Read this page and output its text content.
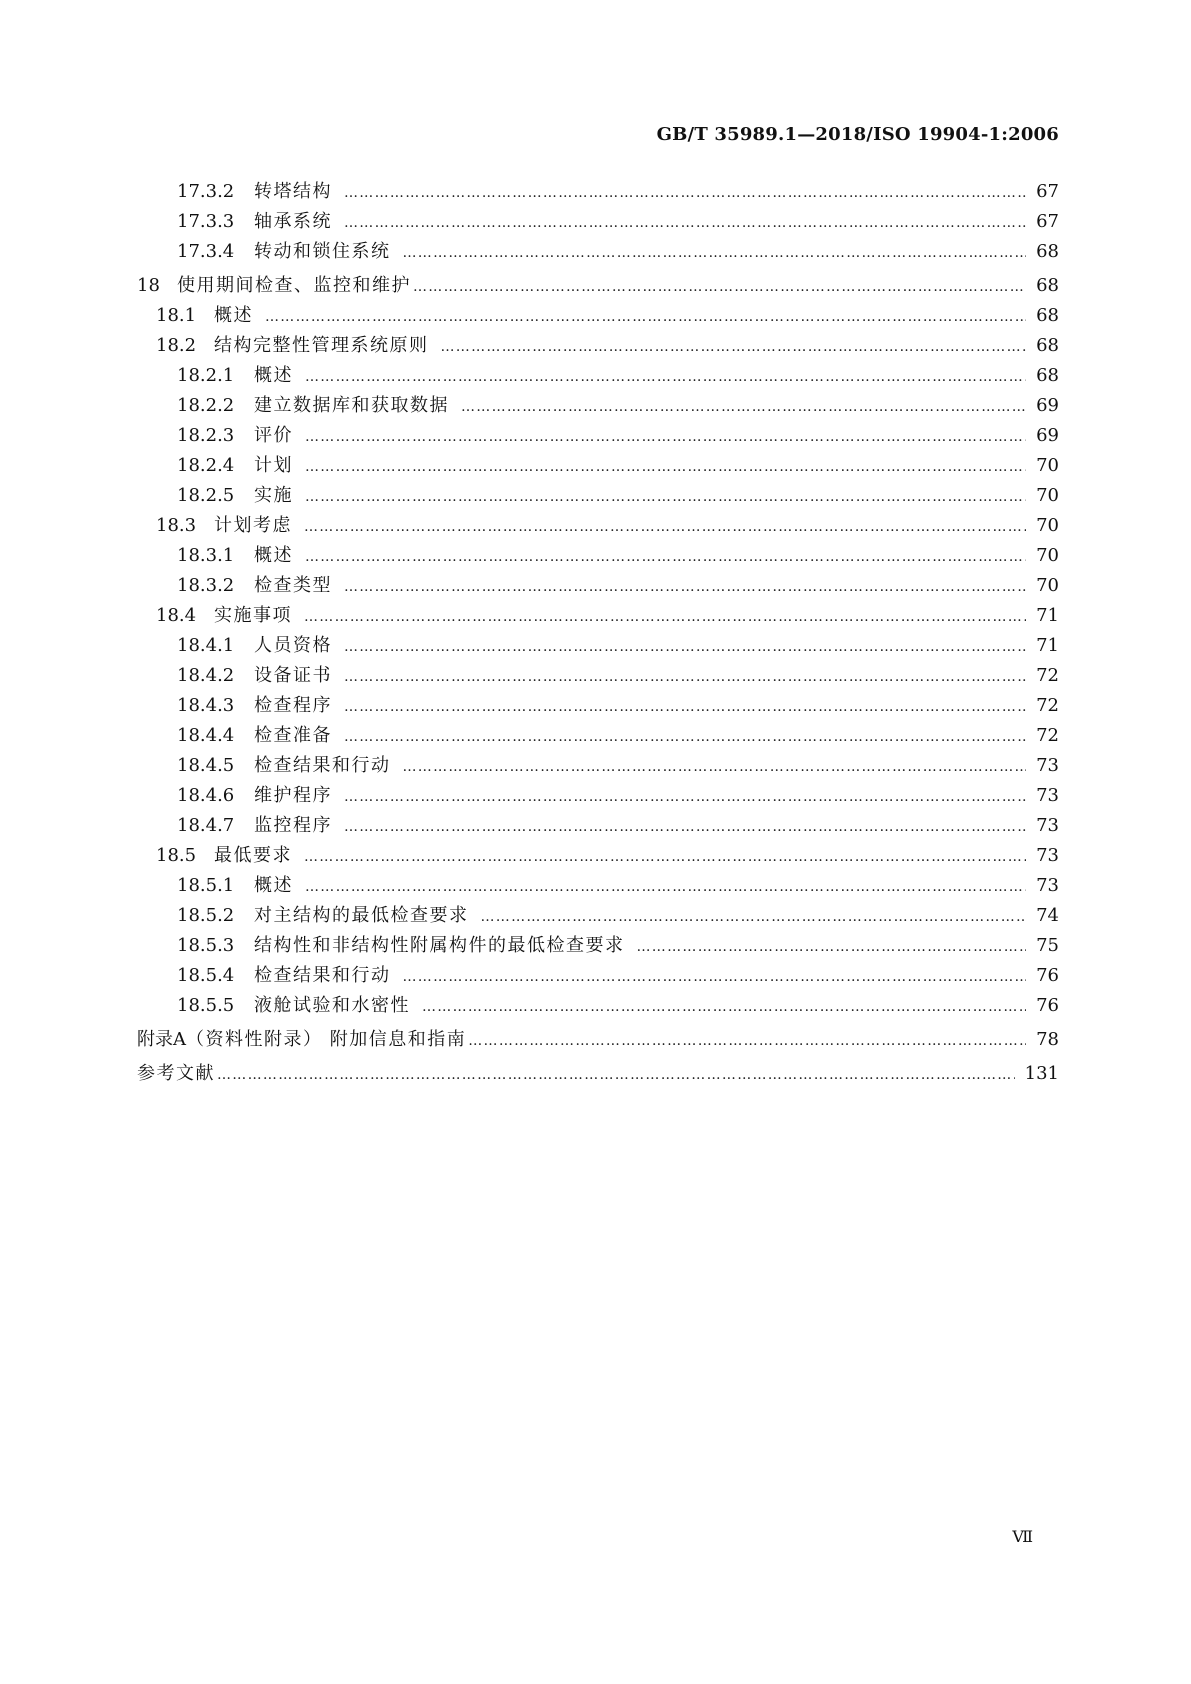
GB/T 35989.1—2018/ISO 19904-1:2006
17.3.2	转塔结构 ………………………………………………………………………………………………………………………………………………………………………………………………………………	67
17.3.3	轴承系统 ………………………………………………………………………………………………………………………………………………………………………………………………………………	67
17.3.4	转动和锁住系统 ………………………………………………………………………………………………………………………………………………………………………………………………………………	68
18 使用期间检查、监控和维护 ………………………………………………………………………………………………………………………………………………………………………………………………………………	68
18.1 概述 ………………………………………………………………………………………………………………………………………………………………………………………………………………	68
18.2 结构完整性管理系统原则 ………………………………………………………………………………………………………………………………………………………………………………………………………………	68
18.2.1	概述 ………………………………………………………………………………………………………………………………………………………………………………………………………………	68
18.2.2	建立数据库和获取数据 ………………………………………………………………………………………………………………………………………………………………………………………………………………	69
18.2.3	评价 ………………………………………………………………………………………………………………………………………………………………………………………………………………	69
18.2.4	计划 ………………………………………………………………………………………………………………………………………………………………………………………………………………	70
18.2.5	实施 ………………………………………………………………………………………………………………………………………………………………………………………………………………	70
18.3 计划考虑 ………………………………………………………………………………………………………………………………………………………………………………………………………………	70
18.3.1	概述 ………………………………………………………………………………………………………………………………………………………………………………………………………………	70
18.3.2	检查类型 ………………………………………………………………………………………………………………………………………………………………………………………………………………	70
18.4 实施事项 ………………………………………………………………………………………………………………………………………………………………………………………………………………	71
18.4.1	人员资格 ………………………………………………………………………………………………………………………………………………………………………………………………………………	71
18.4.2	设备证书 ………………………………………………………………………………………………………………………………………………………………………………………………………………	72
18.4.3	检查程序 ………………………………………………………………………………………………………………………………………………………………………………………………………………	72
18.4.4	检查准备 ………………………………………………………………………………………………………………………………………………………………………………………………………………	72
18.4.5	检查结果和行动 ………………………………………………………………………………………………………………………………………………………………………………………………………………	73
18.4.6	维护程序 ………………………………………………………………………………………………………………………………………………………………………………………………………………	73
18.4.7	监控程序 ………………………………………………………………………………………………………………………………………………………………………………………………………………	73
18.5 最低要求 ………………………………………………………………………………………………………………………………………………………………………………………………………………	73
18.5.1	概述 ………………………………………………………………………………………………………………………………………………………………………………………………………………	73
18.5.2	对主结构的最低检查要求 ………………………………………………………………………………………………………………………………………………………………………………………………………………	74
18.5.3	结构性和非结构性附属构件的最低检查要求 ………………………………………………………………………………………………………………………………………………………………………………………………………………	75
18.5.4	检查结果和行动 ………………………………………………………………………………………………………………………………………………………………………………………………………………	76
18.5.5	液舱试验和水密性 ………………………………………………………………………………………………………………………………………………………………………………………………………………	76
附录A （资料性附录） 附加信息和指南 ………………………………………………………………………………………………………………………………………………………………………………………………………………	78
参考文献 ………………………………………………………………………………………………………………………………………………………………………………………………………………	131
Ⅶ
